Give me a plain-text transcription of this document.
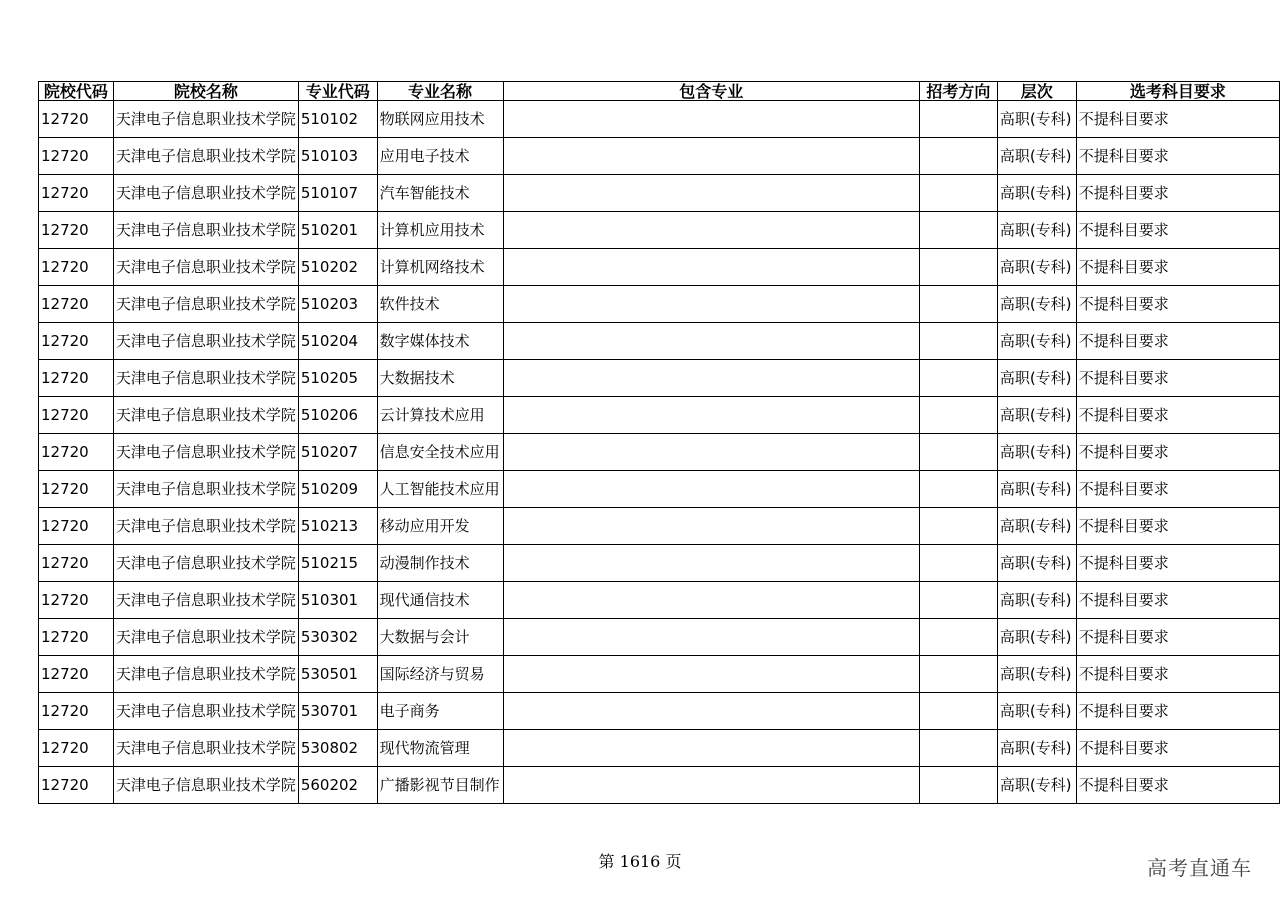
院校代码	院校名称	专业代码	专业名称	包含专业	招考方向	层次	选考科目要求
12720	天津电子信息职业技术学院	510102	物联网应用技术			高职(专科)	不提科目要求
12720	天津电子信息职业技术学院	510103	应用电子技术			高职(专科)	不提科目要求
12720	天津电子信息职业技术学院	510107	汽车智能技术			高职(专科)	不提科目要求
12720	天津电子信息职业技术学院	510201	计算机应用技术			高职(专科)	不提科目要求
12720	天津电子信息职业技术学院	510202	计算机网络技术			高职(专科)	不提科目要求
12720	天津电子信息职业技术学院	510203	软件技术			高职(专科)	不提科目要求
12720	天津电子信息职业技术学院	510204	数字媒体技术			高职(专科)	不提科目要求
12720	天津电子信息职业技术学院	510205	大数据技术			高职(专科)	不提科目要求
12720	天津电子信息职业技术学院	510206	云计算技术应用			高职(专科)	不提科目要求
12720	天津电子信息职业技术学院	510207	信息安全技术应用			高职(专科)	不提科目要求
12720	天津电子信息职业技术学院	510209	人工智能技术应用			高职(专科)	不提科目要求
12720	天津电子信息职业技术学院	510213	移动应用开发			高职(专科)	不提科目要求
12720	天津电子信息职业技术学院	510215	动漫制作技术			高职(专科)	不提科目要求
12720	天津电子信息职业技术学院	510301	现代通信技术			高职(专科)	不提科目要求
12720	天津电子信息职业技术学院	530302	大数据与会计			高职(专科)	不提科目要求
12720	天津电子信息职业技术学院	530501	国际经济与贸易			高职(专科)	不提科目要求
12720	天津电子信息职业技术学院	530701	电子商务			高职(专科)	不提科目要求
12720	天津电子信息职业技术学院	530802	现代物流管理			高职(专科)	不提科目要求
12720	天津电子信息职业技术学院	560202	广播影视节目制作			高职(专科)	不提科目要求
第 1616 页	高考直通车
